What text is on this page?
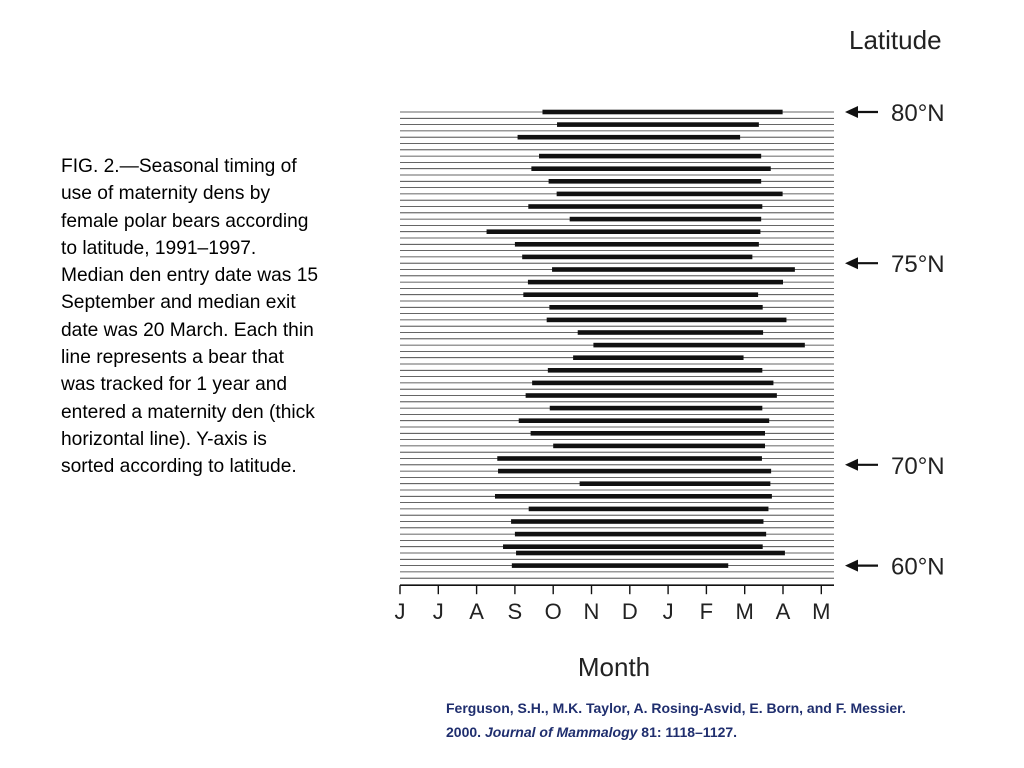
FIG. 2.—Seasonal timing of use of maternity dens by female polar bears according to latitude, 1991–1997. Median den entry date was 15 September and median exit date was 20 March. Each thin line represents a bear that was tracked for 1 year and entered a maternity den (thick horizontal line). Y-axis is sorted according to latitude.
Latitude
J J A S O N D J F M A M
80°N
75°N
70°N
60°N
Month
Ferguson, S.H., M.K. Taylor, A. Rosing-Asvid, E. Born, and F. Messier.
2000. Journal of Mammalogy 81: 1118–1127.
